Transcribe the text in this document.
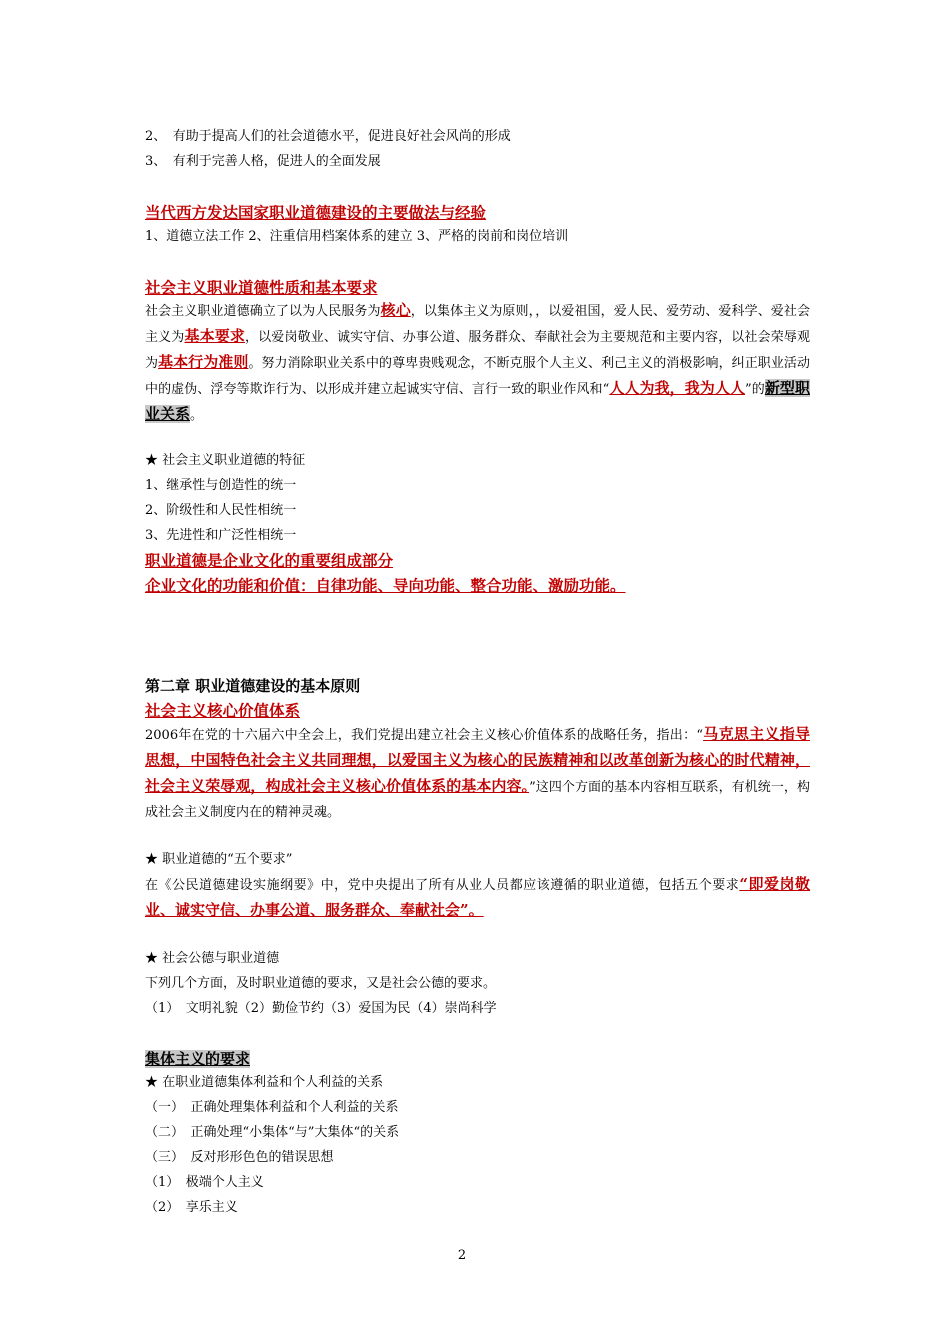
2、　有助于提高人们的社会道德水平，促进良好社会风尚的形成
3、　有利于完善人格，促进人的全面发展
当代西方发达国家职业道德建设的主要做法与经验
1、道德立法工作 2、注重信用档案体系的建立 3、严格的岗前和岗位培训
社会主义职业道德性质和基本要求
社会主义职业道德确立了以为人民服务为核心，以集体主义为原则，，以爱祖国，爱人民、爱劳动、爱科学、爱社会主义为基本要求，以爱岗敬业、诚实守信、办事公道、服务群众、奉献社会为主要规范和主要内容，以社会荣辱观为基本行为准则。努力消除职业关系中的尊卑贵贱观念，不断克服个人主义、利己主义的消极影响，纠正职业活动中的虚伪、浮夸等欺诈行为、以形成并建立起诚实守信、言行一致的职业作风和“人人为我，我为人人”的新型职业关系。
★ 社会主义职业道德的特征
1、继承性与创造性的统一
2、阶级性和人民性相统一
3、先进性和广泛性相统一
职业道德是企业文化的重要组成部分
企业文化的功能和价值：自律功能、导向功能、整合功能、激励功能。
第二章 职业道德建设的基本原则
社会主义核心价值体系
2006年在党的十六届六中全会上，我们党提出建立社会主义核心价值体系的战略任务，指出：“马克思主义指导思想，中国特色社会主义共同理想，以爱国主义为核心的民族精神和以改革创新为核心的时代精神，社会主义荣辱观，构成社会主义核心价值体系的基本内容。”这四个方面的基本内容相互联系，有机统一，构成社会主义制度内在的精神灵魂。
★ 职业道德的“五个要求”
在《公民道德建设实施纲要》中，党中央提出了所有从业人员都应该遵循的职业道德，包括五个要求“即爱岗敬业、诚实守信、办事公道、服务群众、奉献社会”。
★ 社会公德与职业道德
下列几个方面，及时职业道德的要求，又是社会公德的要求。
（1）　文明礼貌（2）勤俭节约（3）爱国为民（4）崇尚科学
集体主义的要求
★ 在职业道德集体利益和个人利益的关系
（一）　正确处理集体利益和个人利益的关系
（二）　正确处理“小集体“与”大集体“的关系
（三）　反对形形色色的错误思想
（1）　极端个人主义
（2）　享乐主义
2
